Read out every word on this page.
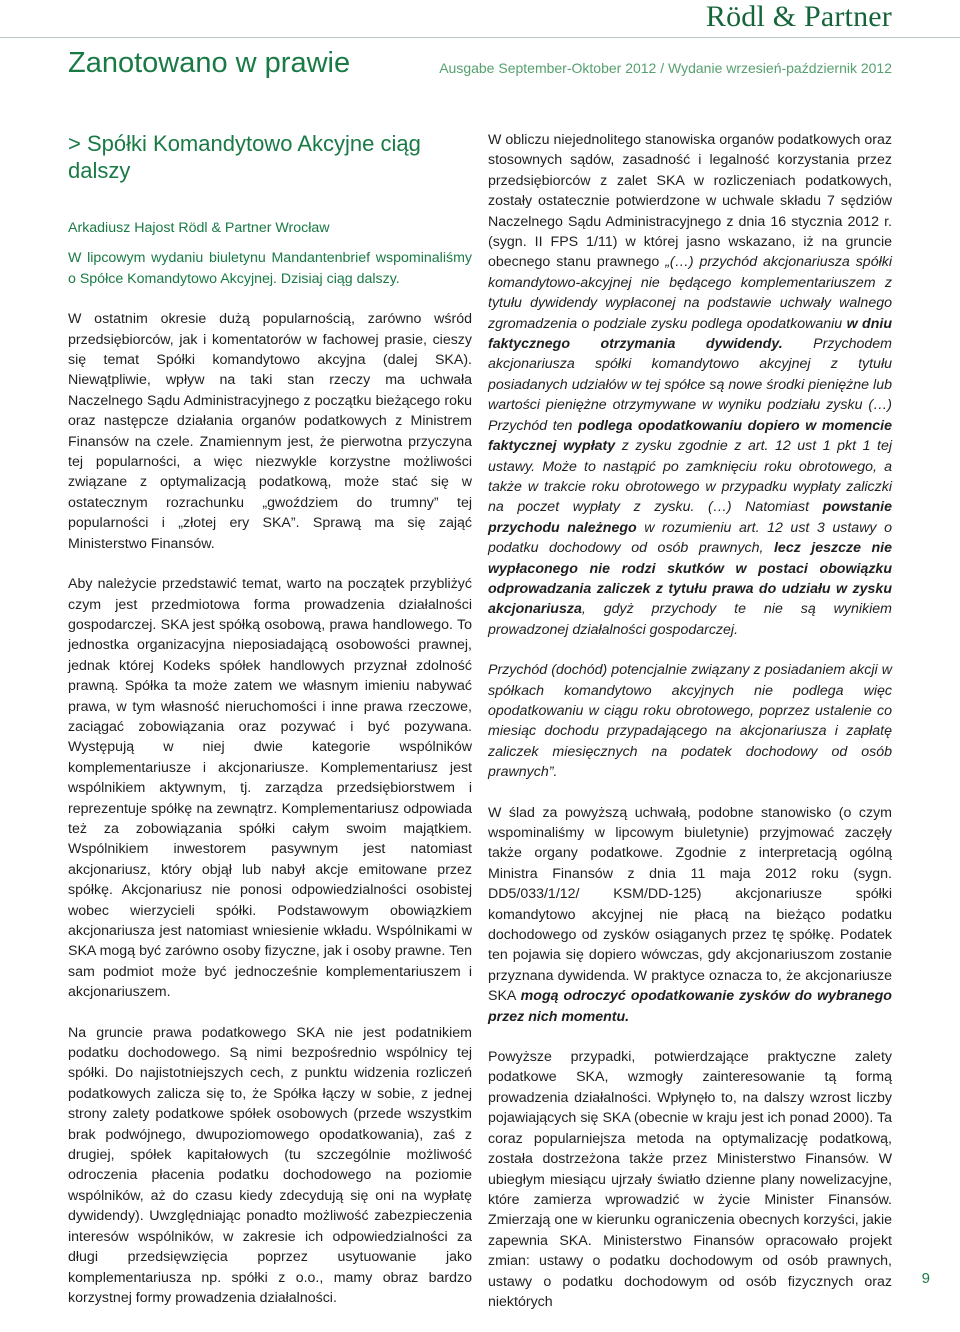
Rödl & Partner
Zanotowano w prawie	Ausgabe September-Oktober 2012 / Wydanie wrzesień-październik 2012
> Spółki Komandytowo Akcyjne ciąg dalszy

Arkadiusz Hajost Rödl & Partner Wrocław

W lipcowym wydaniu biuletynu Mandantenbrief wspominaliśmy o Spółce Komandytowo Akcyjnej. Dzisiaj ciąg dalszy.

W ostatnim okresie dużą popularnością, zarówno wśród przedsiębiorców, jak i komentatorów w fachowej prasie, cieszy się temat Spółki komandytowo akcyjna (dalej SKA). Niewątpliwie, wpływ na taki stan rzeczy ma uchwała Naczelnego Sądu Administracyjnego z początku bieżącego roku oraz następcze działania organów podatkowych z Ministrem Finansów na czele. Znamiennym jest, że pierwotna przyczyna tej popularności, a więc niezwykle korzystne możliwości związane z optymalizacją podatkową, może stać się w ostatecznym rozrachunku „gwoździem do trumny” tej popularności i „złotej ery SKA”. Sprawą ma się zająć Ministerstwo Finansów.

Aby należycie przedstawić temat, warto na początek przybliżyć czym jest przedmiotowa forma prowadzenia działalności gospodarczej. SKA jest spółką osobową, prawa handlowego. To jednostka organizacyjna nieposiadającą osobowości prawnej, jednak której Kodeks spółek handlowych przyznał zdolność prawną. Spółka ta może zatem we własnym imieniu nabywać prawa, w tym własność nieruchomości i inne prawa rzeczowe, zaciągać zobowiązania oraz pozywać i być pozywana. Występują w niej dwie kategorie wspólników komplementariusze i akcjonariusze. Komplementariusz jest wspólnikiem aktywnym, tj. zarządza przedsiębiorstwem i reprezentuje spółkę na zewnątrz. Komplementariusz odpowiada też za zobowiązania spółki całym swoim majątkiem. Wspólnikiem inwestorem pasywnym jest natomiast akcjonariusz, który objął lub nabył akcje emitowane przez spółkę. Akcjonariusz nie ponosi odpowiedzialności osobistej wobec wierzycieli spółki. Podstawowym obowiązkiem akcjonariusza jest natomiast wniesienie wkładu. Wspólnikami w SKA mogą być zarówno osoby fizyczne, jak i osoby prawne. Ten sam podmiot może być jednocześnie komplementariuszem i akcjonariuszem.

Na gruncie prawa podatkowego SKA nie jest podatnikiem podatku dochodowego. Są nimi bezpośrednio wspólnicy tej spółki. Do najistotniejszych cech, z punktu widzenia rozliczeń podatkowych zalicza się to, że Spółka łączy w sobie, z jednej strony zalety podatkowe spółek osobowych (przede wszystkim brak podwójnego, dwupoziomowego opodatkowania), zaś z drugiej, spółek kapitałowych (tu szczególnie możliwość odroczenia płacenia podatku dochodowego na poziomie wspólników, aż do czasu kiedy zdecydują się oni na wypłatę dywidendy). Uwzględniając ponadto możliwość zabezpieczenia interesów wspólników, w zakresie ich odpowiedzialności za długi przedsięwzięcia poprzez usytuowanie jako komplementariusza np. spółki z o.o., mamy obraz bardzo korzystnej formy prowadzenia działalności.

W obliczu niejednolitego stanowiska organów podatkowych oraz stosownych sądów, zasadność i legalność korzystania przez przedsiębiorców z zalet SKA w rozliczeniach podatkowych, zostały ostatecznie potwierdzone w uchwale składu 7 sędziów Naczelnego Sądu Administracyjnego z dnia 16 stycznia 2012 r. (sygn. II FPS 1/11) w której jasno wskazano, iż na gruncie obecnego stanu prawnego „(…) przychód akcjonariusza spółki komandytowo-akcyjnej nie będącego komplementariuszem z tytułu dywidendy wypłaconej na podstawie uchwały walnego zgromadzenia o podziale zysku podlega opodatkowaniu w dniu faktycznego otrzymania dywidendy. Przychodem akcjonariusza spółki komandytowo akcyjnej z tytułu posiadanych udziałów w tej spółce są nowe środki pieniężne lub wartości pieniężne otrzymywane w wyniku podziału zysku (…) Przychód ten podlega opodatkowaniu dopiero w momencie faktycznej wypłaty z zysku zgodnie z art. 12 ust 1 pkt 1 tej ustawy. Może to nastąpić po zamknięciu roku obrotowego, a także w trakcie roku obrotowego w przypadku wypłaty zaliczki na poczet wypłaty z zysku. (…) Natomiast powstanie przychodu należnego w rozumieniu art. 12 ust 3 ustawy o podatku dochodowy od osób prawnych, lecz jeszcze nie wypłaconego nie rodzi skutków w postaci obowiązku odprowadzania zaliczek z tytułu prawa do udziału w zysku akcjonariusza, gdyż przychody te nie są wynikiem prowadzonej działalności gospodarczej.

Przychód (dochód) potencjalnie związany z posiadaniem akcji w spółkach komandytowo akcyjnych nie podlega więc opodatkowaniu w ciągu roku obrotowego, poprzez ustalenie co miesiąc dochodu przypadającego na akcjonariusza i zapłatę zaliczek miesięcznych na podatek dochodowy od osób prawnych”.

W ślad za powyższą uchwałą, podobne stanowisko (o czym wspominaliśmy w lipcowym biuletynie) przyjmować zaczęły także organy podatkowe. Zgodnie z interpretacją ogólną Ministra Finansów z dnia 11 maja 2012 roku (sygn. DD5/033/1/12/ KSM/DD-125) akcjonariusze spółki komandytowo akcyjnej nie płacą na bieżąco podatku dochodowego od zysków osiąganych przez tę spółkę. Podatek ten pojawia się dopiero wówczas, gdy akcjonariuszom zostanie przyznana dywidenda. W praktyce oznacza to, że akcjonariusze SKA mogą odroczyć opodatkowanie zysków do wybranego przez nich momentu.

Powyższe przypadki, potwierdzające praktyczne zalety podatkowe SKA, wzmogły zainteresowanie tą formą prowadzenia działalności. Wpłynęło to, na dalszy wzrost liczby pojawiających się SKA (obecnie w kraju jest ich ponad 2000). Ta coraz popularniejsza metoda na optymalizację podatkową, została dostrzeżona także przez Ministerstwo Finansów. W ubiegłym miesiącu ujrzały światło dzienne plany nowelizacyjne, które zamierza wprowadzić w życie Minister Finansów. Zmierzają one w kierunku ograniczenia obecnych korzyści, jakie zapewnia SKA. Ministerstwo Finansów opracowało projekt zmian: ustawy o podatku dochodowym od osób prawnych, ustawy o podatku dochodowym od osób fizycznych oraz niektórych

9
